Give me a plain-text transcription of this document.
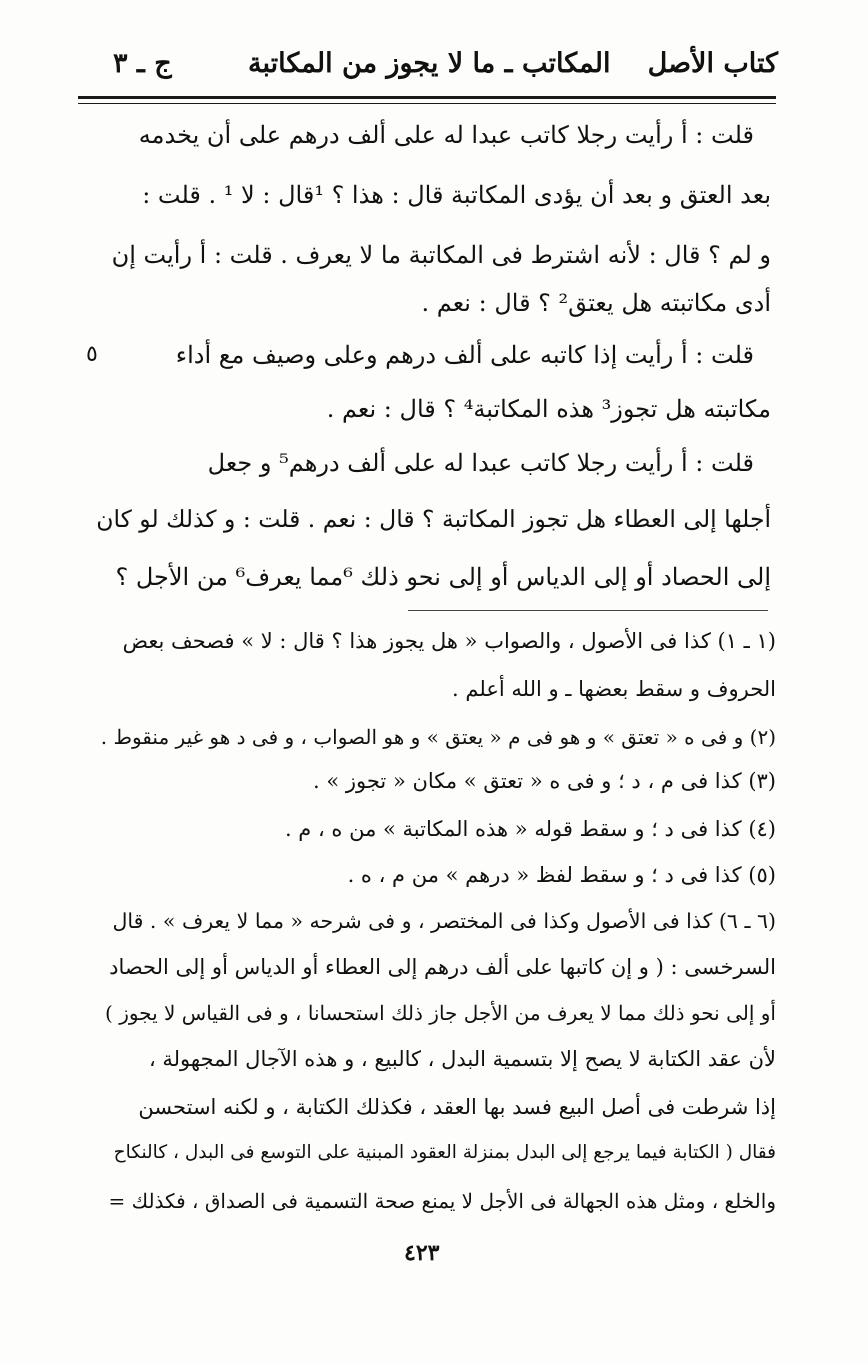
كتاب الأصل
المكاتب ـ ما لا يجوز من المكاتبة
ج ـ ٣
قلت : أ رأيت رجلا كاتب عبدا له على ألف درهم على أن يخدمه
بعد العتق و بعد أن يؤدى المكاتبة قال : هذا ؟ ¹قال : لا ¹ . قلت :
و لم ؟ قال : لأنه اشترط فى المكاتبة ما لا يعرف . قلت : أ رأيت إن
أدى مكاتبته هل يعتق² ؟ قال : نعم .
قلت : أ رأيت إذا كاتبه على ألف درهم وعلى وصيف مع أداء
٥
مكاتبته هل تجوز³ هذه المكاتبة⁴ ؟ قال : نعم .
قلت : أ رأيت رجلا كاتب عبدا له على ألف درهم⁵ و جعل
أجلها إلى العطاء هل تجوز المكاتبة ؟ قال : نعم . قلت : و كذلك لو كان
إلى الحصاد أو إلى الدياس أو إلى نحو ذلك ⁶مما يعرف⁶ من الأجل ؟
(١ ـ ١) كذا فى الأصول ، والصواب « هل يجوز هذا ؟ قال : لا » فصحف بعض
الحروف و سقط بعضها ـ و الله أعلم .
(٢) و فى ه « تعتق » و هو فى م « يعتق » و هو الصواب ، و فى د هو غير منقوط .
(٣) كذا فى م ، د ؛ و فى ه « تعتق » مكان « تجوز » .
(٤) كذا فى د ؛ و سقط قوله « هذه المكاتبة » من ه ، م .
(٥) كذا فى د ؛ و سقط لفظ « درهم » من م ، ه .
(٦ ـ ٦) كذا فى الأصول وكذا فى المختصر ، و فى شرحه « مما لا يعرف » . قال
السرخسى : ( و إن كاتبها على ألف درهم إلى العطاء أو الدياس أو إلى الحصاد
أو إلى نحو ذلك مما لا يعرف من الأجل جاز ذلك استحسانا ، و فى القياس لا يجوز )
لأن عقد الكتابة لا يصح إلا بتسمية البدل ، كالبيع ، و هذه الآجال المجهولة ،
إذا شرطت فى أصل البيع فسد بها العقد ، فكذلك الكتابة ، و لكنه استحسن
فقال ( الكتابة فيما يرجع إلى البدل بمنزلة العقود المبنية على التوسع فى البدل ، كالنكاح
والخلع ، ومثل هذه الجهالة فى الأجل لا يمنع صحة التسمية فى الصداق ، فكذلك =
٤٢٣
